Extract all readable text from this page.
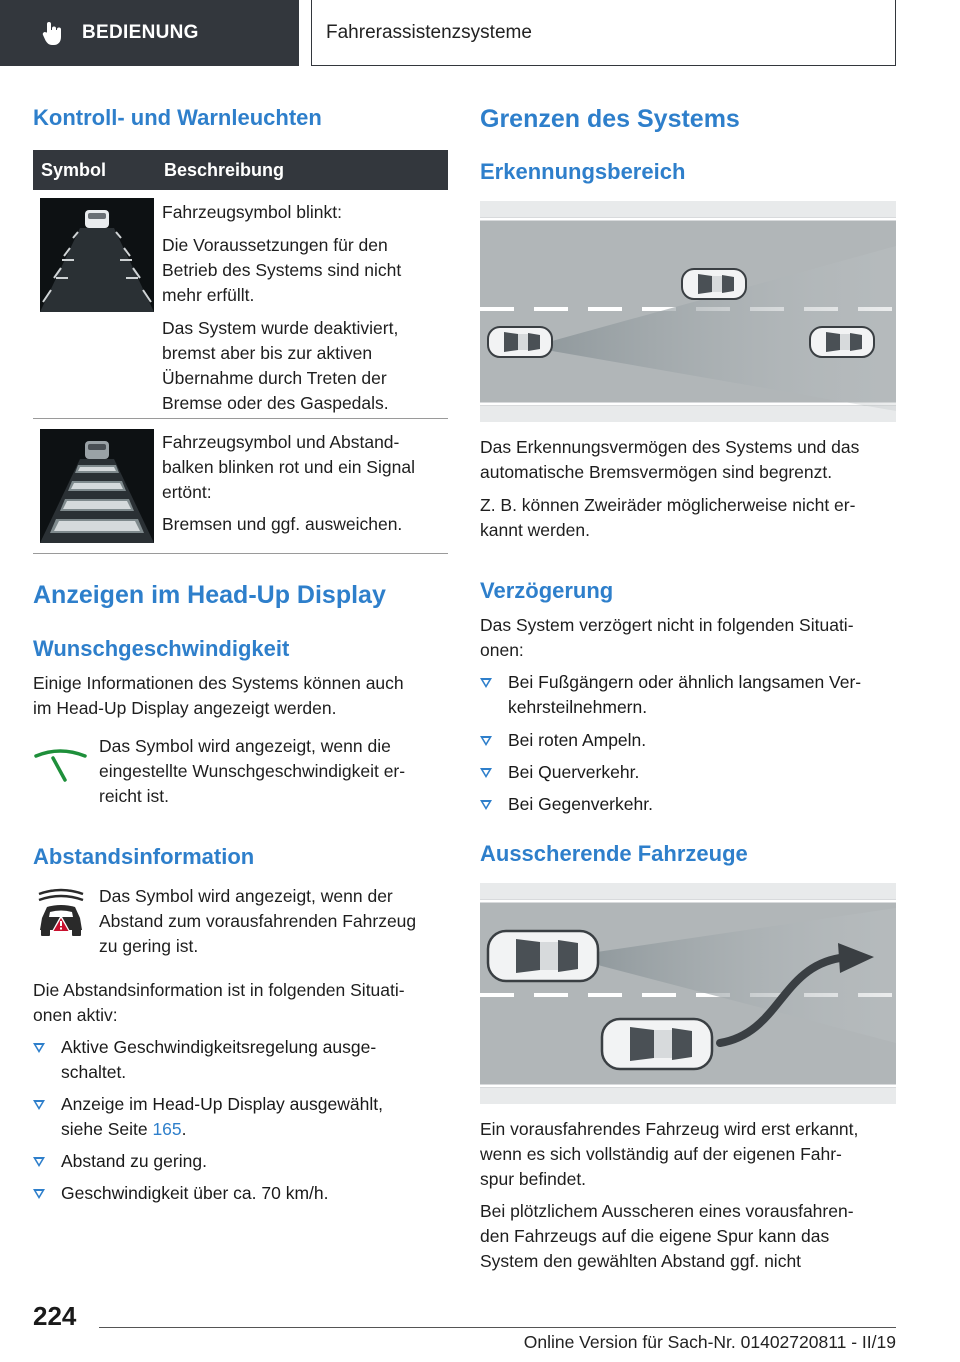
BEDIENUNG	Fahrerassistenzsysteme
Kontroll- und Warnleuchten
Symbol	Beschreibung

Fahrzeugsymbol blinkt:

Die Voraussetzungen für den

Betrieb des Systems sind nicht

mehr erfüllt.

Das System wurde deaktiviert,

bremst aber bis zur aktiven

Übernahme durch Treten der

Bremse oder des Gaspedals.

Fahrzeugsymbol und Abstand-

balken blinken rot und ein Signal

ertönt:

Bremsen und ggf. ausweichen.

Anzeigen im Head-Up Display
Wunschgeschwindigkeit

Einige Informationen des Systems können auch

im Head-Up Display angezeigt werden.

Das Symbol wird angezeigt, wenn die

eingestellte Wunschgeschwindigkeit er-

reicht ist.

Abstandsinformation

Das Symbol wird angezeigt, wenn der

Abstand zum vorausfahrenden Fahrzeug

zu gering ist.

Die Abstandsinformation ist in folgenden Situati-

onen aktiv:

Aktive Geschwindigkeitsregelung ausge-
schaltet.
Anzeige im Head-Up Display ausgewählt,
siehe Seite 165.
Abstand zu gering.
Geschwindigkeit über ca. 70 km/h.
Grenzen des Systems
Erkennungsbereich

Das Erkennungsvermögen des Systems und das

automatische Bremsvermögen sind begrenzt.

Z. B. können Zweiräder möglicherweise nicht er-

kannt werden.

Verzögerung

Das System verzögert nicht in folgenden Situati-

onen:

Bei Fußgängern oder ähnlich langsamen Ver-
kehrsteilnehmern.
Bei roten Ampeln.
Bei Querverkehr.
Bei Gegenverkehr.
Ausscherende Fahrzeuge

Ein vorausfahrendes Fahrzeug wird erst erkannt,

wenn es sich vollständig auf der eigenen Fahr-

spur befindet.

Bei plötzlichem Ausscheren eines vorausfahren-

den Fahrzeugs auf die eigene Spur kann das

System den gewählten Abstand ggf. nicht

224
Online Version für Sach-Nr. 01402720811 - II/19
